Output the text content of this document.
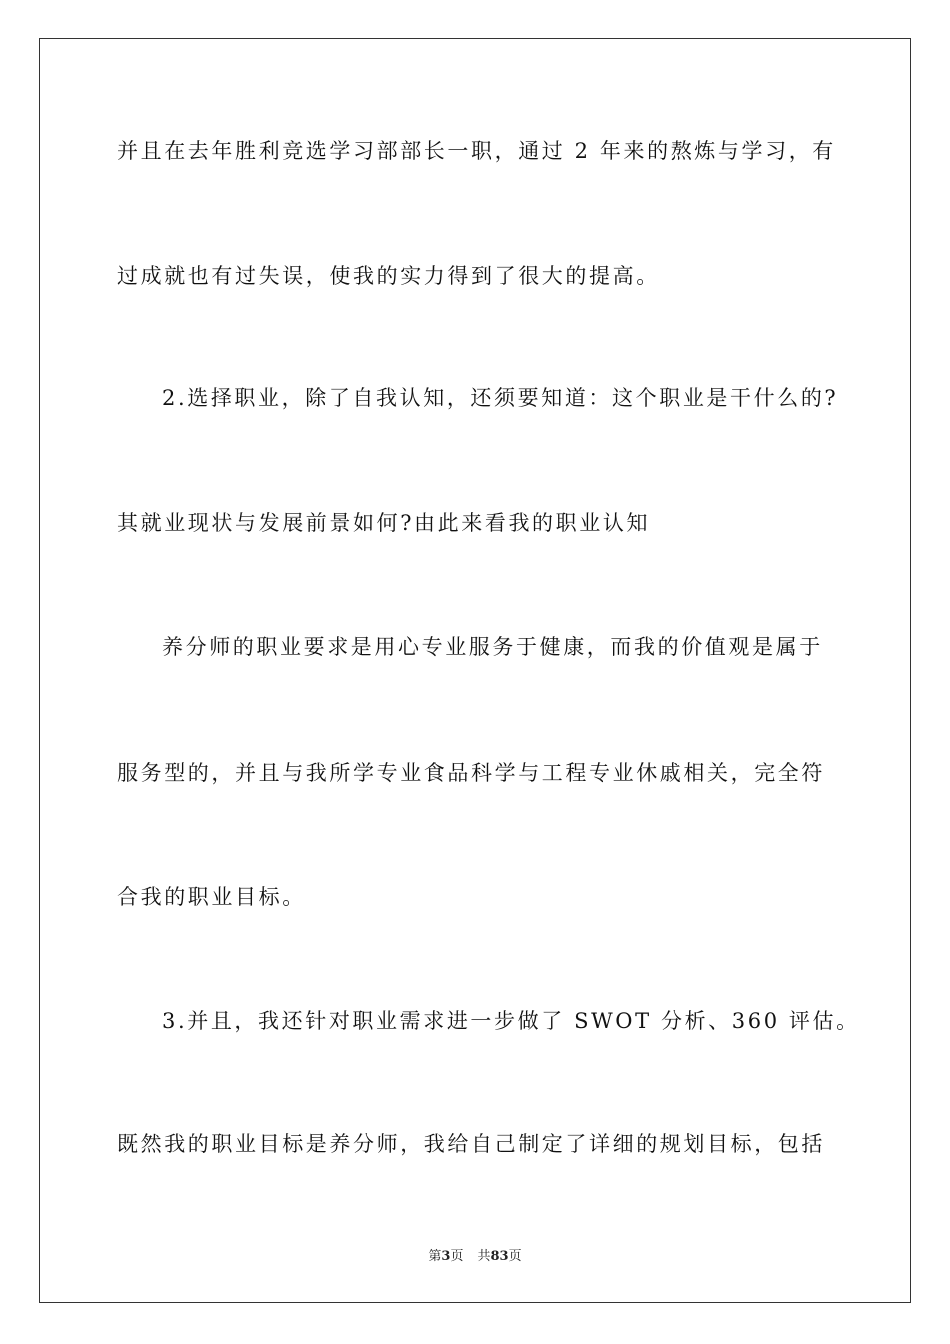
并且在去年胜利竞选学习部部长一职，通过 2 年来的熬炼与学习，有
过成就也有过失误，使我的实力得到了很大的提高。
2.选择职业，除了自我认知，还须要知道：这个职业是干什么的?
其就业现状与发展前景如何?由此来看我的职业认知
养分师的职业要求是用心专业服务于健康，而我的价值观是属于
服务型的，并且与我所学专业食品科学与工程专业休戚相关，完全符
合我的职业目标。
3.并且，我还针对职业需求进一步做了 SWOT 分析、360 评估。
既然我的职业目标是养分师，我给自己制定了详细的规划目标，包括
第3页 共83页
